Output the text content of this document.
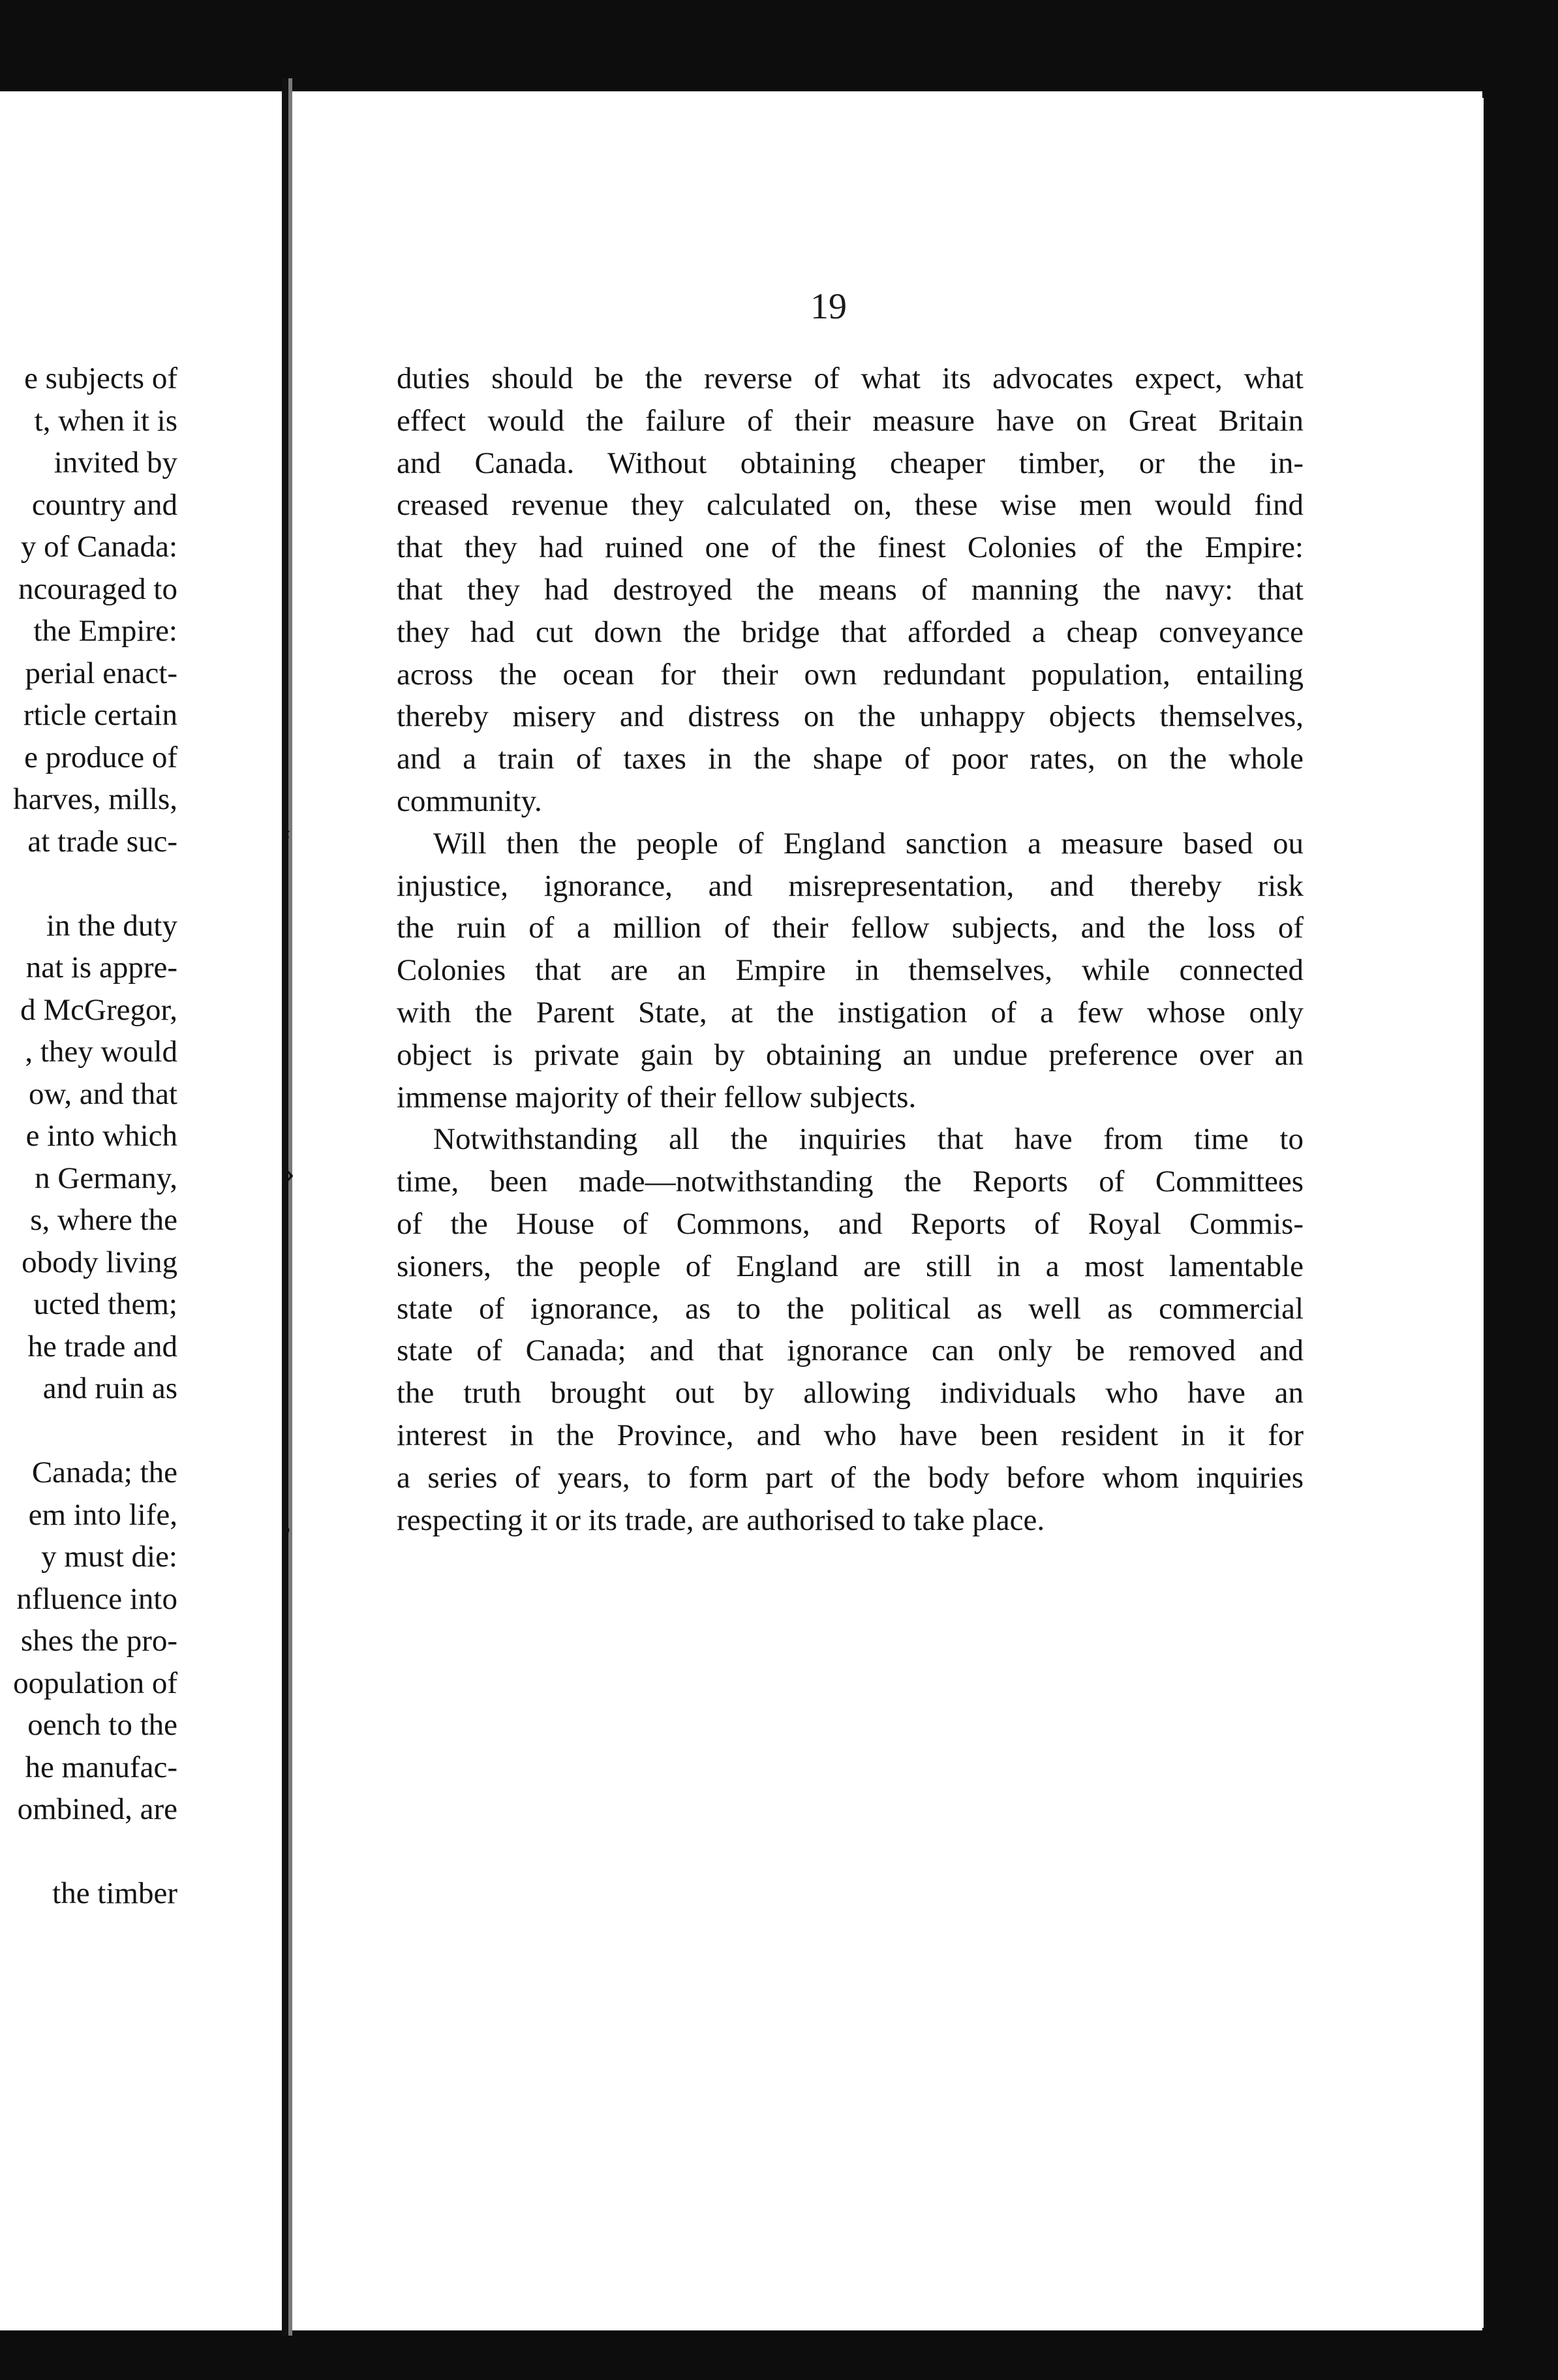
e subjects of
t, when it is
invited by
country and
y of Canada:
ncouraged to
the Empire:
perial enact-
rticle certain
e produce of
harves, mills,
at trade suc-
in the duty
nat is appre-
d McGregor,
, they would
ow, and that
e into which
n Germany,
s, where the
obody living
ucted them;
he trade and
and ruin as
Canada; the
em into life,
y must die:
nfluence into
shes the pro-
oopulation of
oench to the
he manufac-
ombined, are
the timber
19
duties should be the reverse of what its advocates expect, what
effect would the failure of their measure have on Great Britain
and Canada. Without obtaining cheaper timber, or the in-
creased revenue they calculated on, these wise men would find
that they had ruined one of the finest Colonies of the Empire:
that they had destroyed the means of manning the navy: that
they had cut down the bridge that afforded a cheap conveyance
across the ocean for their own redundant population, entailing
thereby misery and distress on the unhappy objects themselves,
and a train of taxes in the shape of poor rates, on the whole
community.
Will then the people of England sanction a measure based ou
injustice, ignorance, and misrepresentation, and thereby risk
the ruin of a million of their fellow subjects, and the loss of
Colonies that are an Empire in themselves, while connected
with the Parent State, at the instigation of a few whose only
object is private gain by obtaining an undue preference over an
immense majority of their fellow subjects.
Notwithstanding all the inquiries that have from time to
time, been made—notwithstanding the Reports of Committees
of the House of Commons, and Reports of Royal Commis-
sioners, the people of England are still in a most lamentable
state of ignorance, as to the political as well as commercial
state of Canada; and that ignorance can only be removed and
the truth brought out by allowing individuals who have an
interest in the Province, and who have been resident in it for
a series of years, to form part of the body before whom inquiries
respecting it or its trade, are authorised to take place.
ʻ
›
ʼ
